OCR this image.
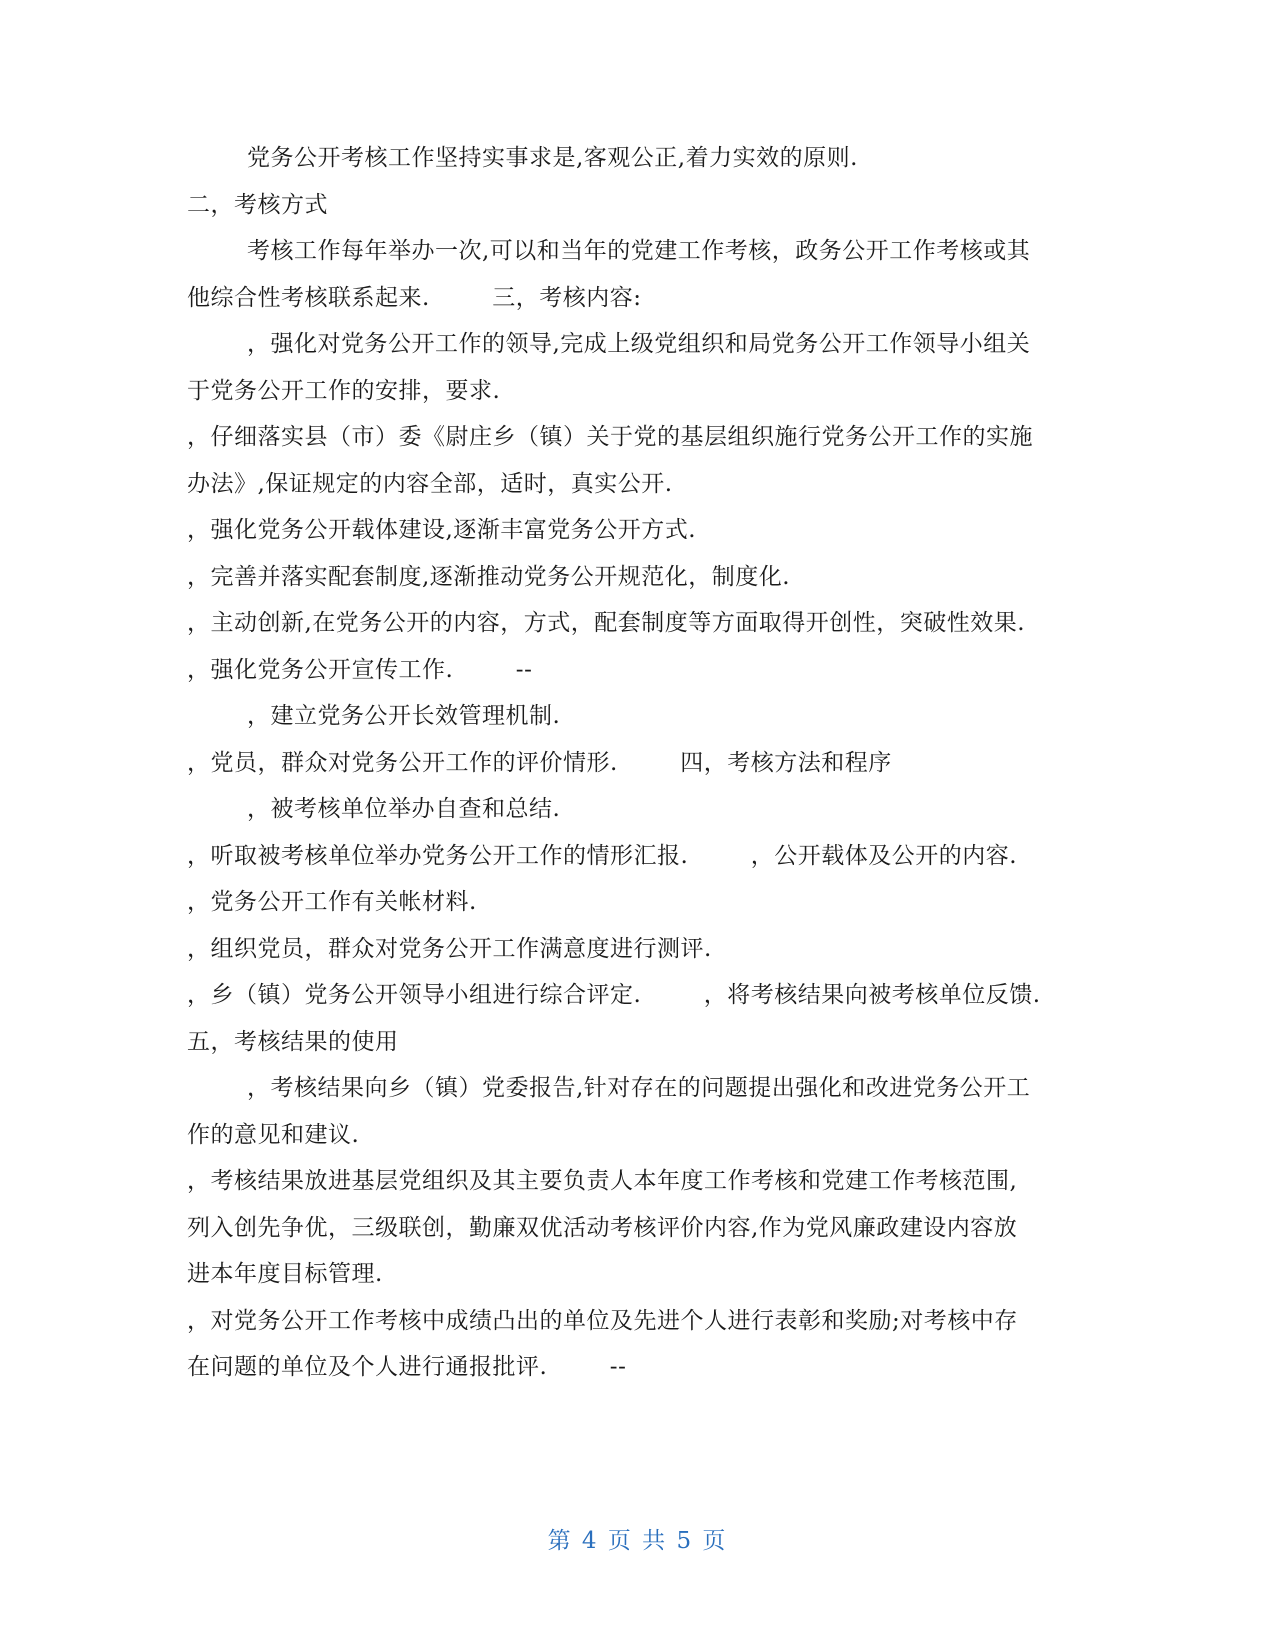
党务公开考核工作坚持实事求是,客观公正,着力实效的原则.
二，考核方式
考核工作每年举办一次,可以和当年的党建工作考核，政务公开工作考核或其
他综合性考核联系起来.        三，考核内容:
，强化对党务公开工作的领导,完成上级党组织和局党务公开工作领导小组关
于党务公开工作的安排，要求.
，仔细落实县（市）委《尉庄乡（镇）关于党的基层组织施行党务公开工作的实施
办法》,保证规定的内容全部，适时，真实公开.
，强化党务公开载体建设,逐渐丰富党务公开方式.
，完善并落实配套制度,逐渐推动党务公开规范化，制度化.
，主动创新,在党务公开的内容，方式，配套制度等方面取得开创性，突破性效果.
，强化党务公开宣传工作.        --
，建立党务公开长效管理机制.
，党员，群众对党务公开工作的评价情形.        四，考核方法和程序
，被考核单位举办自查和总结.
，听取被考核单位举办党务公开工作的情形汇报.        ，公开载体及公开的内容.
，党务公开工作有关帐材料.
，组织党员，群众对党务公开工作满意度进行测评.
，乡（镇）党务公开领导小组进行综合评定.        ，将考核结果向被考核单位反馈.
五，考核结果的使用
，考核结果向乡（镇）党委报告,针对存在的问题提出强化和改进党务公开工
作的意见和建议.
，考核结果放进基层党组织及其主要负责人本年度工作考核和党建工作考核范围,
列入创先争优，三级联创，勤廉双优活动考核评价内容,作为党风廉政建设内容放
进本年度目标管理.
，对党务公开工作考核中成绩凸出的单位及先进个人进行表彰和奖励;对考核中存
在问题的单位及个人进行通报批评.        --
第 4 页 共 5 页
